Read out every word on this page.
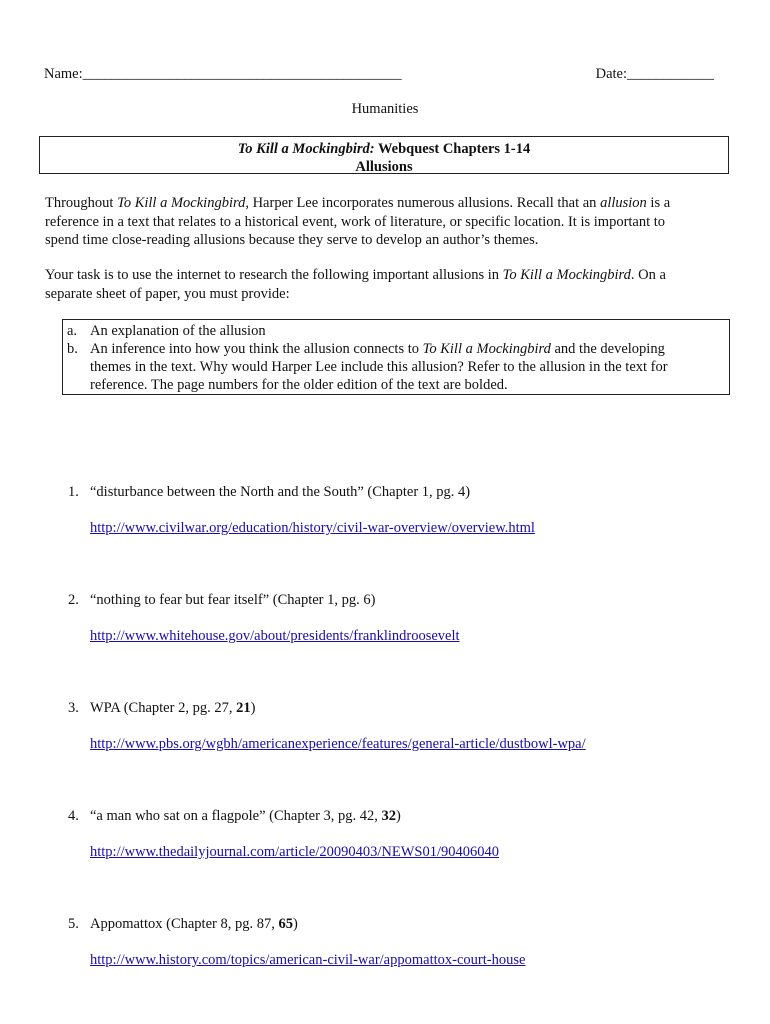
Name:____________________________________________	Date:____________
Humanities
To Kill a Mockingbird: Webquest Chapters 1-14
Allusions
Throughout To Kill a Mockingbird, Harper Lee incorporates numerous allusions. Recall that an allusion is a
reference in a text that relates to a historical event, work of literature, or specific location. It is important to
spend time close-reading allusions because they serve to develop an author’s themes.
Your task is to use the internet to research the following important allusions in To Kill a Mockingbird. On a
separate sheet of paper, you must provide:
a. An explanation of the allusion
b. An inference into how you think the allusion connects to To Kill a Mockingbird and the developing
themes in the text. Why would Harper Lee include this allusion? Refer to the allusion in the text for
reference. The page numbers for the older edition of the text are bolded.
1. “disturbance between the North and the South” (Chapter 1, pg. 4)
http://www.civilwar.org/education/history/civil-war-overview/overview.html
2. “nothing to fear but fear itself” (Chapter 1, pg. 6)
http://www.whitehouse.gov/about/presidents/franklindroosevelt
3. WPA (Chapter 2, pg. 27, 21)
http://www.pbs.org/wgbh/americanexperience/features/general-article/dustbowl-wpa/
4. “a man who sat on a flagpole” (Chapter 3, pg. 42, 32)
http://www.thedailyjournal.com/article/20090403/NEWS01/90406040
5. Appomattox (Chapter 8, pg. 87, 65)
http://www.history.com/topics/american-civil-war/appomattox-court-house
